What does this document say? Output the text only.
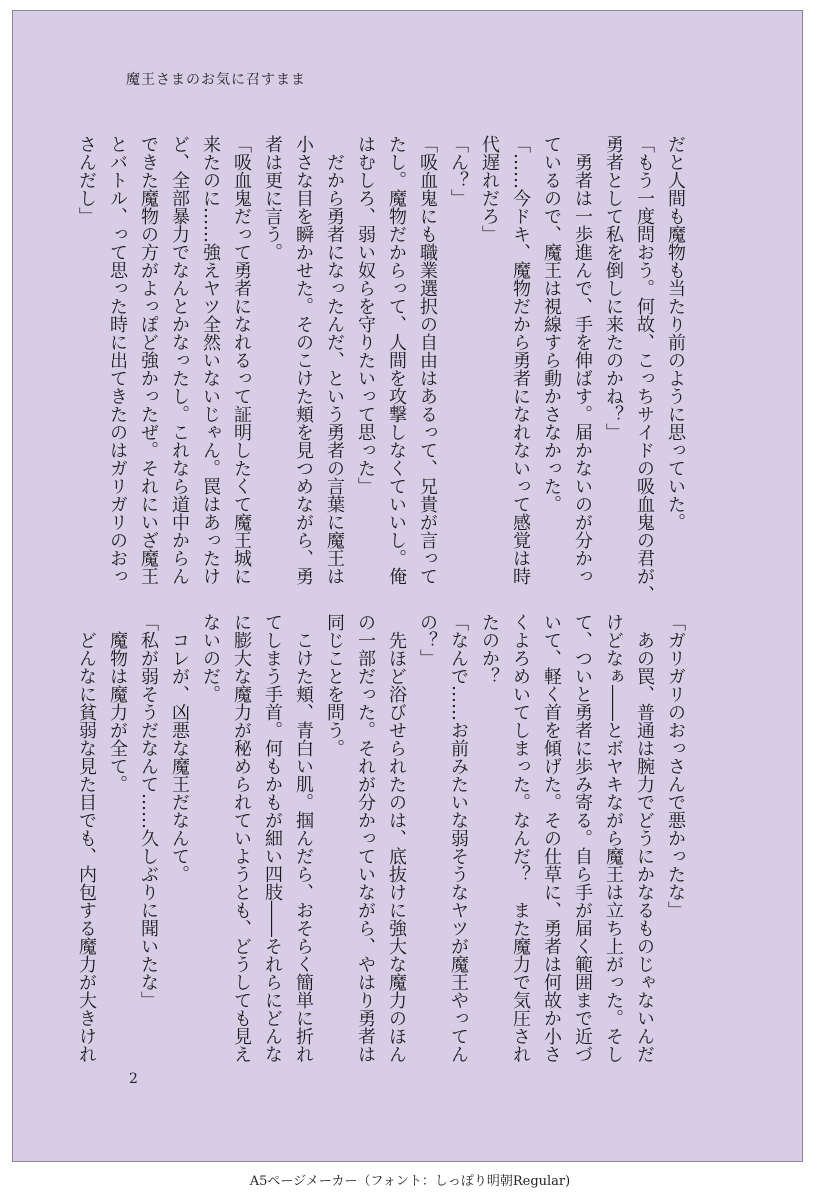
魔王さまのお気に召すまま

だと人間も魔物も当たり前のように思っていた。

「もう一度問おう。何故、こっちサイドの吸血鬼の君が、

勇者として私を倒しに来たのかね？」

　勇者は一歩進んで、手を伸ばす。届かないのが分かっ

ているので、魔王は視線すら動かさなかった。

「……今ドキ、魔物だから勇者になれないって感覚は時

代遅れだろ」

「ん？」

「吸血鬼にも職業選択の自由はあるって、兄貴が言って

たし。魔物だからって、人間を攻撃しなくていいし。俺

はむしろ、弱い奴らを守りたいって思った」

　だから勇者になったんだ、という勇者の言葉に魔王は

小さな目を瞬かせた。そのこけた頬を見つめながら、勇

者は更に言う。

「吸血鬼だって勇者になれるって証明したくて魔王城に

来たのに……強えヤツ全然いないじゃん。罠はあったけ

ど、全部暴力でなんとかなったし。これなら道中からん

できた魔物の方がよっぽど強かったぜ。それにいざ魔王

とバトル、って思った時に出てきたのはガリガリのおっ

さんだし」

「ガリガリのおっさんで悪かったな」

　あの罠、普通は腕力でどうにかなるものじゃないんだ

けどなぁ――とボヤキながら魔王は立ち上がった。そし

て、ついと勇者に歩み寄る。自ら手が届く範囲まで近づ

いて、軽く首を傾げた。その仕草に、勇者は何故か小さ

くよろめいてしまった。なんだ？　また魔力で気圧され

たのか？

「なんで……お前みたいな弱そうなヤツが魔王やってん

の？」

　先ほど浴びせられたのは、底抜けに強大な魔力のほん

の一部だった。それが分かっていながら、やはり勇者は

同じことを問う。

　こけた頬、青白い肌。掴んだら、おそらく簡単に折れ

てしまう手首。何もかもが細い四肢――それらにどんな

に膨大な魔力が秘められていようとも、どうしても見え

ないのだ。

　コレが、凶悪な魔王だなんて。

「私が弱そうだなんて……久しぶりに聞いたな」

　魔物は魔力が全て。

　どんなに貧弱な見た目でも、内包する魔力が大きけれ

2
A5ページメーカー（フォント：しっぽり明朝Regular)
